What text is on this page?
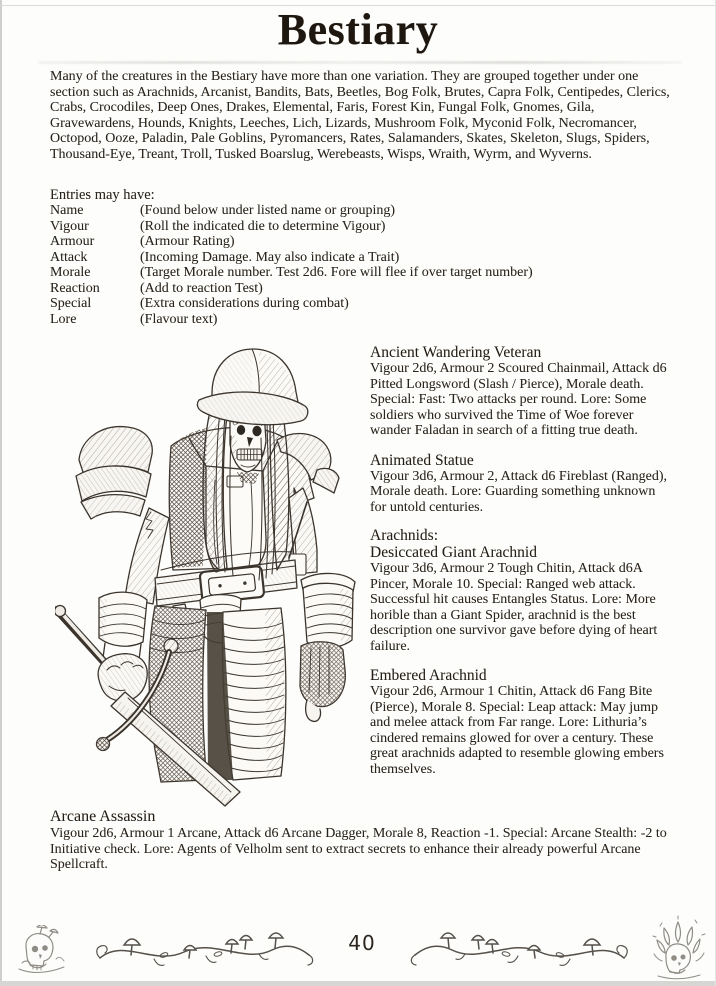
Bestiary
Many of the creatures in the Bestiary have more than one variation. They are grouped together under one section such as Arachnids, Arcanist, Bandits, Bats, Beetles, Bog Folk, Brutes, Capra Folk, Centipedes, Clerics, Crabs, Crocodiles, Deep Ones, Drakes, Elemental, Faris, Forest Kin, Fungal Folk, Gnomes, Gila, Gravewardens, Hounds, Knights, Leeches, Lich, Lizards, Mushroom Folk, Myconid Folk, Necromancer, Octopod, Ooze, Paladin, Pale Goblins, Pyromancers, Rates, Salamanders, Skates, Skeleton, Slugs, Spiders, Thousand-Eye, Treant, Troll, Tusked Boarslug, Werebeasts, Wisps, Wraith, Wyrm, and Wyverns.
Entries may have:
Name	(Found below under listed name or grouping)
Vigour	(Roll the indicated die to determine Vigour)
Armour	(Armour Rating)
Attack	(Incoming Damage. May also indicate a Trait)
Morale	(Target Morale number. Test 2d6. Fore will flee if over target number)
Reaction	(Add to reaction Test)
Special	(Extra considerations during combat)
Lore	(Flavour text)
Ancient Wandering Veteran
Vigour 2d6, Armour 2 Scoured Chainmail, Attack d6 Pitted Longsword (Slash / Pierce), Morale death. Special: Fast: Two attacks per round. Lore: Some soldiers who survived the Time of Woe forever wander Faladan in search of a fitting true death.
Animated Statue
Vigour 3d6, Armour 2, Attack d6 Fireblast (Ranged), Morale death. Lore: Guarding something unknown for untold centuries.
Arachnids:
Desiccated Giant Arachnid
Vigour 3d6, Armour 2 Tough Chitin, Attack d6A Pincer, Morale 10. Special: Ranged web attack. Successful hit causes Entangles Status. Lore: More horible than a Giant Spider, arachnid is the best description one survivor gave before dying of heart failure.
Embered Arachnid
Vigour 2d6, Armour 1 Chitin, Attack d6 Fang Bite (Pierce), Morale 8. Special: Leap attack: May jump and melee attack from Far range. Lore: Lithuria’s cindered remains glowed for over a century. These great arachnids adapted to resemble glowing embers themselves.
Arcane Assassin
Vigour 2d6, Armour 1 Arcane, Attack d6 Arcane Dagger, Morale 8, Reaction -1. Special: Arcane Stealth: -2 to Initiative check. Lore: Agents of Velholm sent to extract secrets to enhance their already powerful Arcane Spellcraft.
40
